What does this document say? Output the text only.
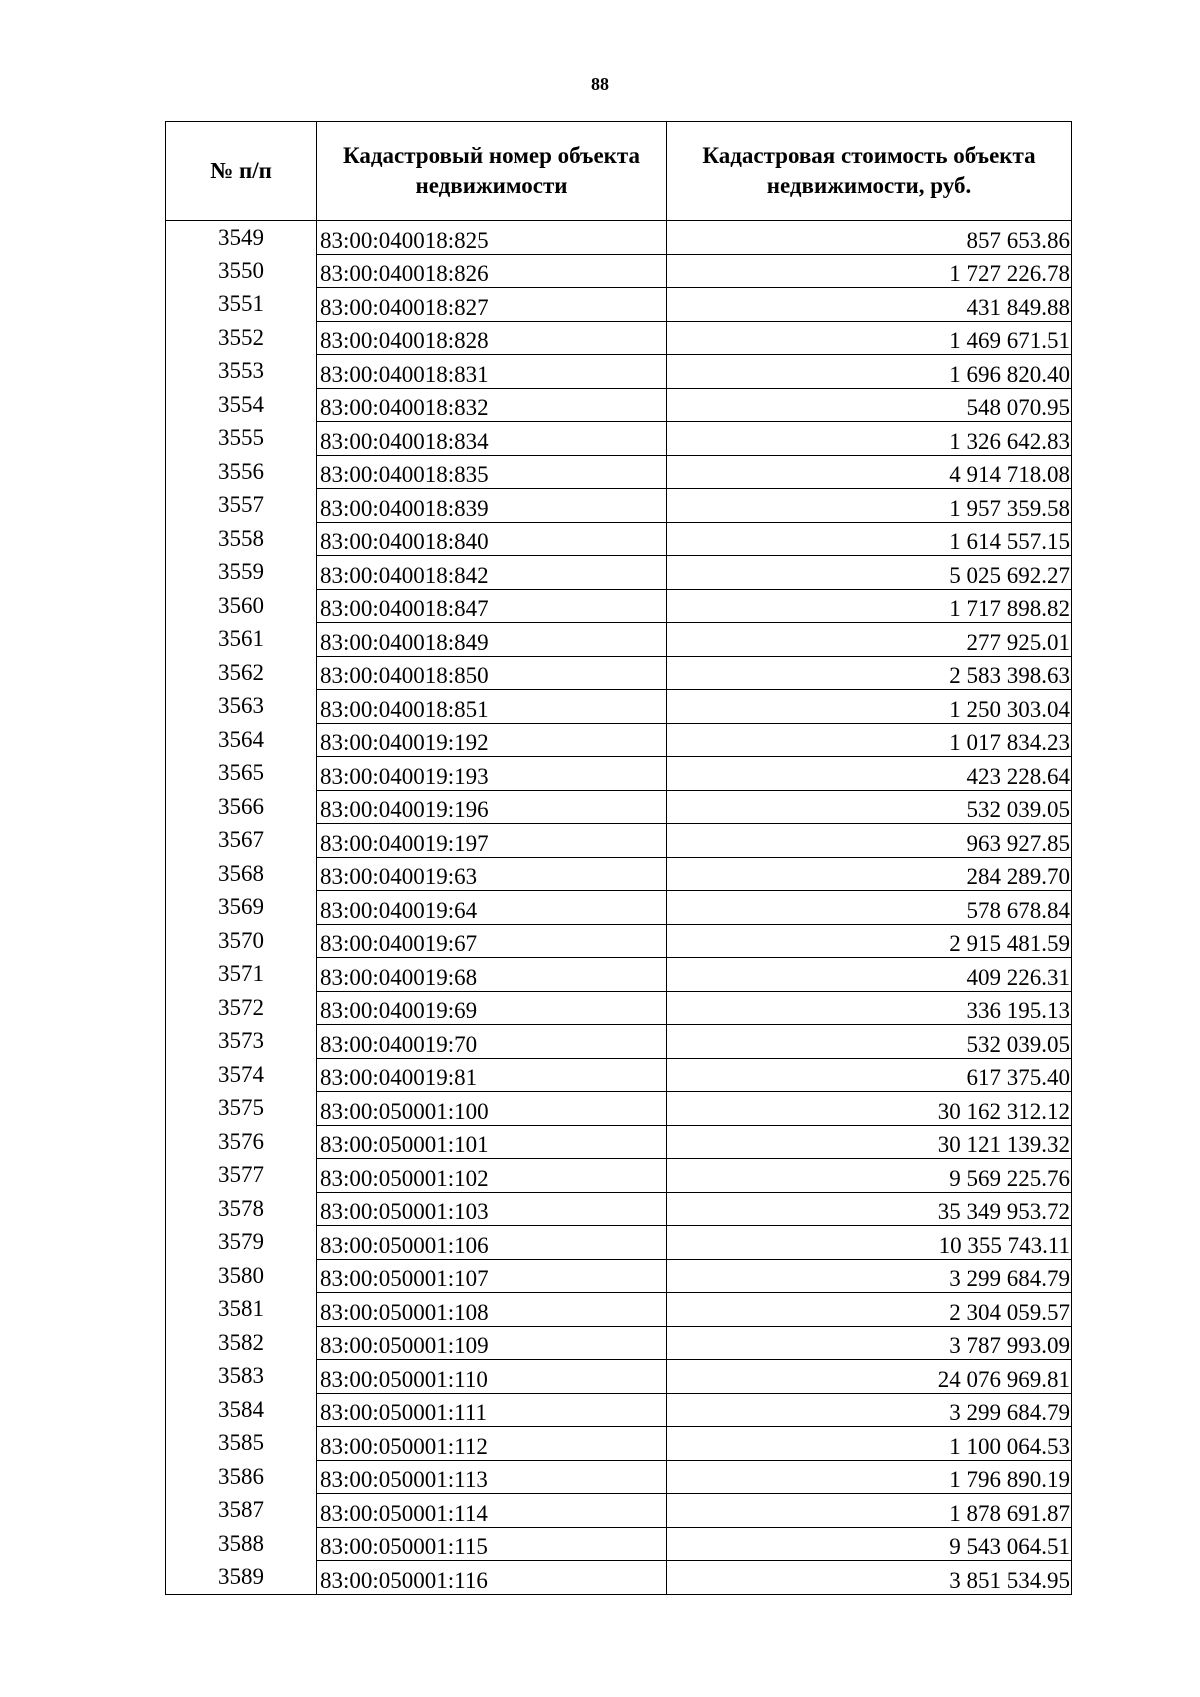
88
№ п/п	Кадастровый номер объекта недвижимости	Кадастровая стоимость объекта недвижимости, руб.
3549	83:00:040018:825	857 653.86
3550	83:00:040018:826	1 727 226.78
3551	83:00:040018:827	431 849.88
3552	83:00:040018:828	1 469 671.51
3553	83:00:040018:831	1 696 820.40
3554	83:00:040018:832	548 070.95
3555	83:00:040018:834	1 326 642.83
3556	83:00:040018:835	4 914 718.08
3557	83:00:040018:839	1 957 359.58
3558	83:00:040018:840	1 614 557.15
3559	83:00:040018:842	5 025 692.27
3560	83:00:040018:847	1 717 898.82
3561	83:00:040018:849	277 925.01
3562	83:00:040018:850	2 583 398.63
3563	83:00:040018:851	1 250 303.04
3564	83:00:040019:192	1 017 834.23
3565	83:00:040019:193	423 228.64
3566	83:00:040019:196	532 039.05
3567	83:00:040019:197	963 927.85
3568	83:00:040019:63	284 289.70
3569	83:00:040019:64	578 678.84
3570	83:00:040019:67	2 915 481.59
3571	83:00:040019:68	409 226.31
3572	83:00:040019:69	336 195.13
3573	83:00:040019:70	532 039.05
3574	83:00:040019:81	617 375.40
3575	83:00:050001:100	30 162 312.12
3576	83:00:050001:101	30 121 139.32
3577	83:00:050001:102	9 569 225.76
3578	83:00:050001:103	35 349 953.72
3579	83:00:050001:106	10 355 743.11
3580	83:00:050001:107	3 299 684.79
3581	83:00:050001:108	2 304 059.57
3582	83:00:050001:109	3 787 993.09
3583	83:00:050001:110	24 076 969.81
3584	83:00:050001:111	3 299 684.79
3585	83:00:050001:112	1 100 064.53
3586	83:00:050001:113	1 796 890.19
3587	83:00:050001:114	1 878 691.87
3588	83:00:050001:115	9 543 064.51
3589	83:00:050001:116	3 851 534.95
